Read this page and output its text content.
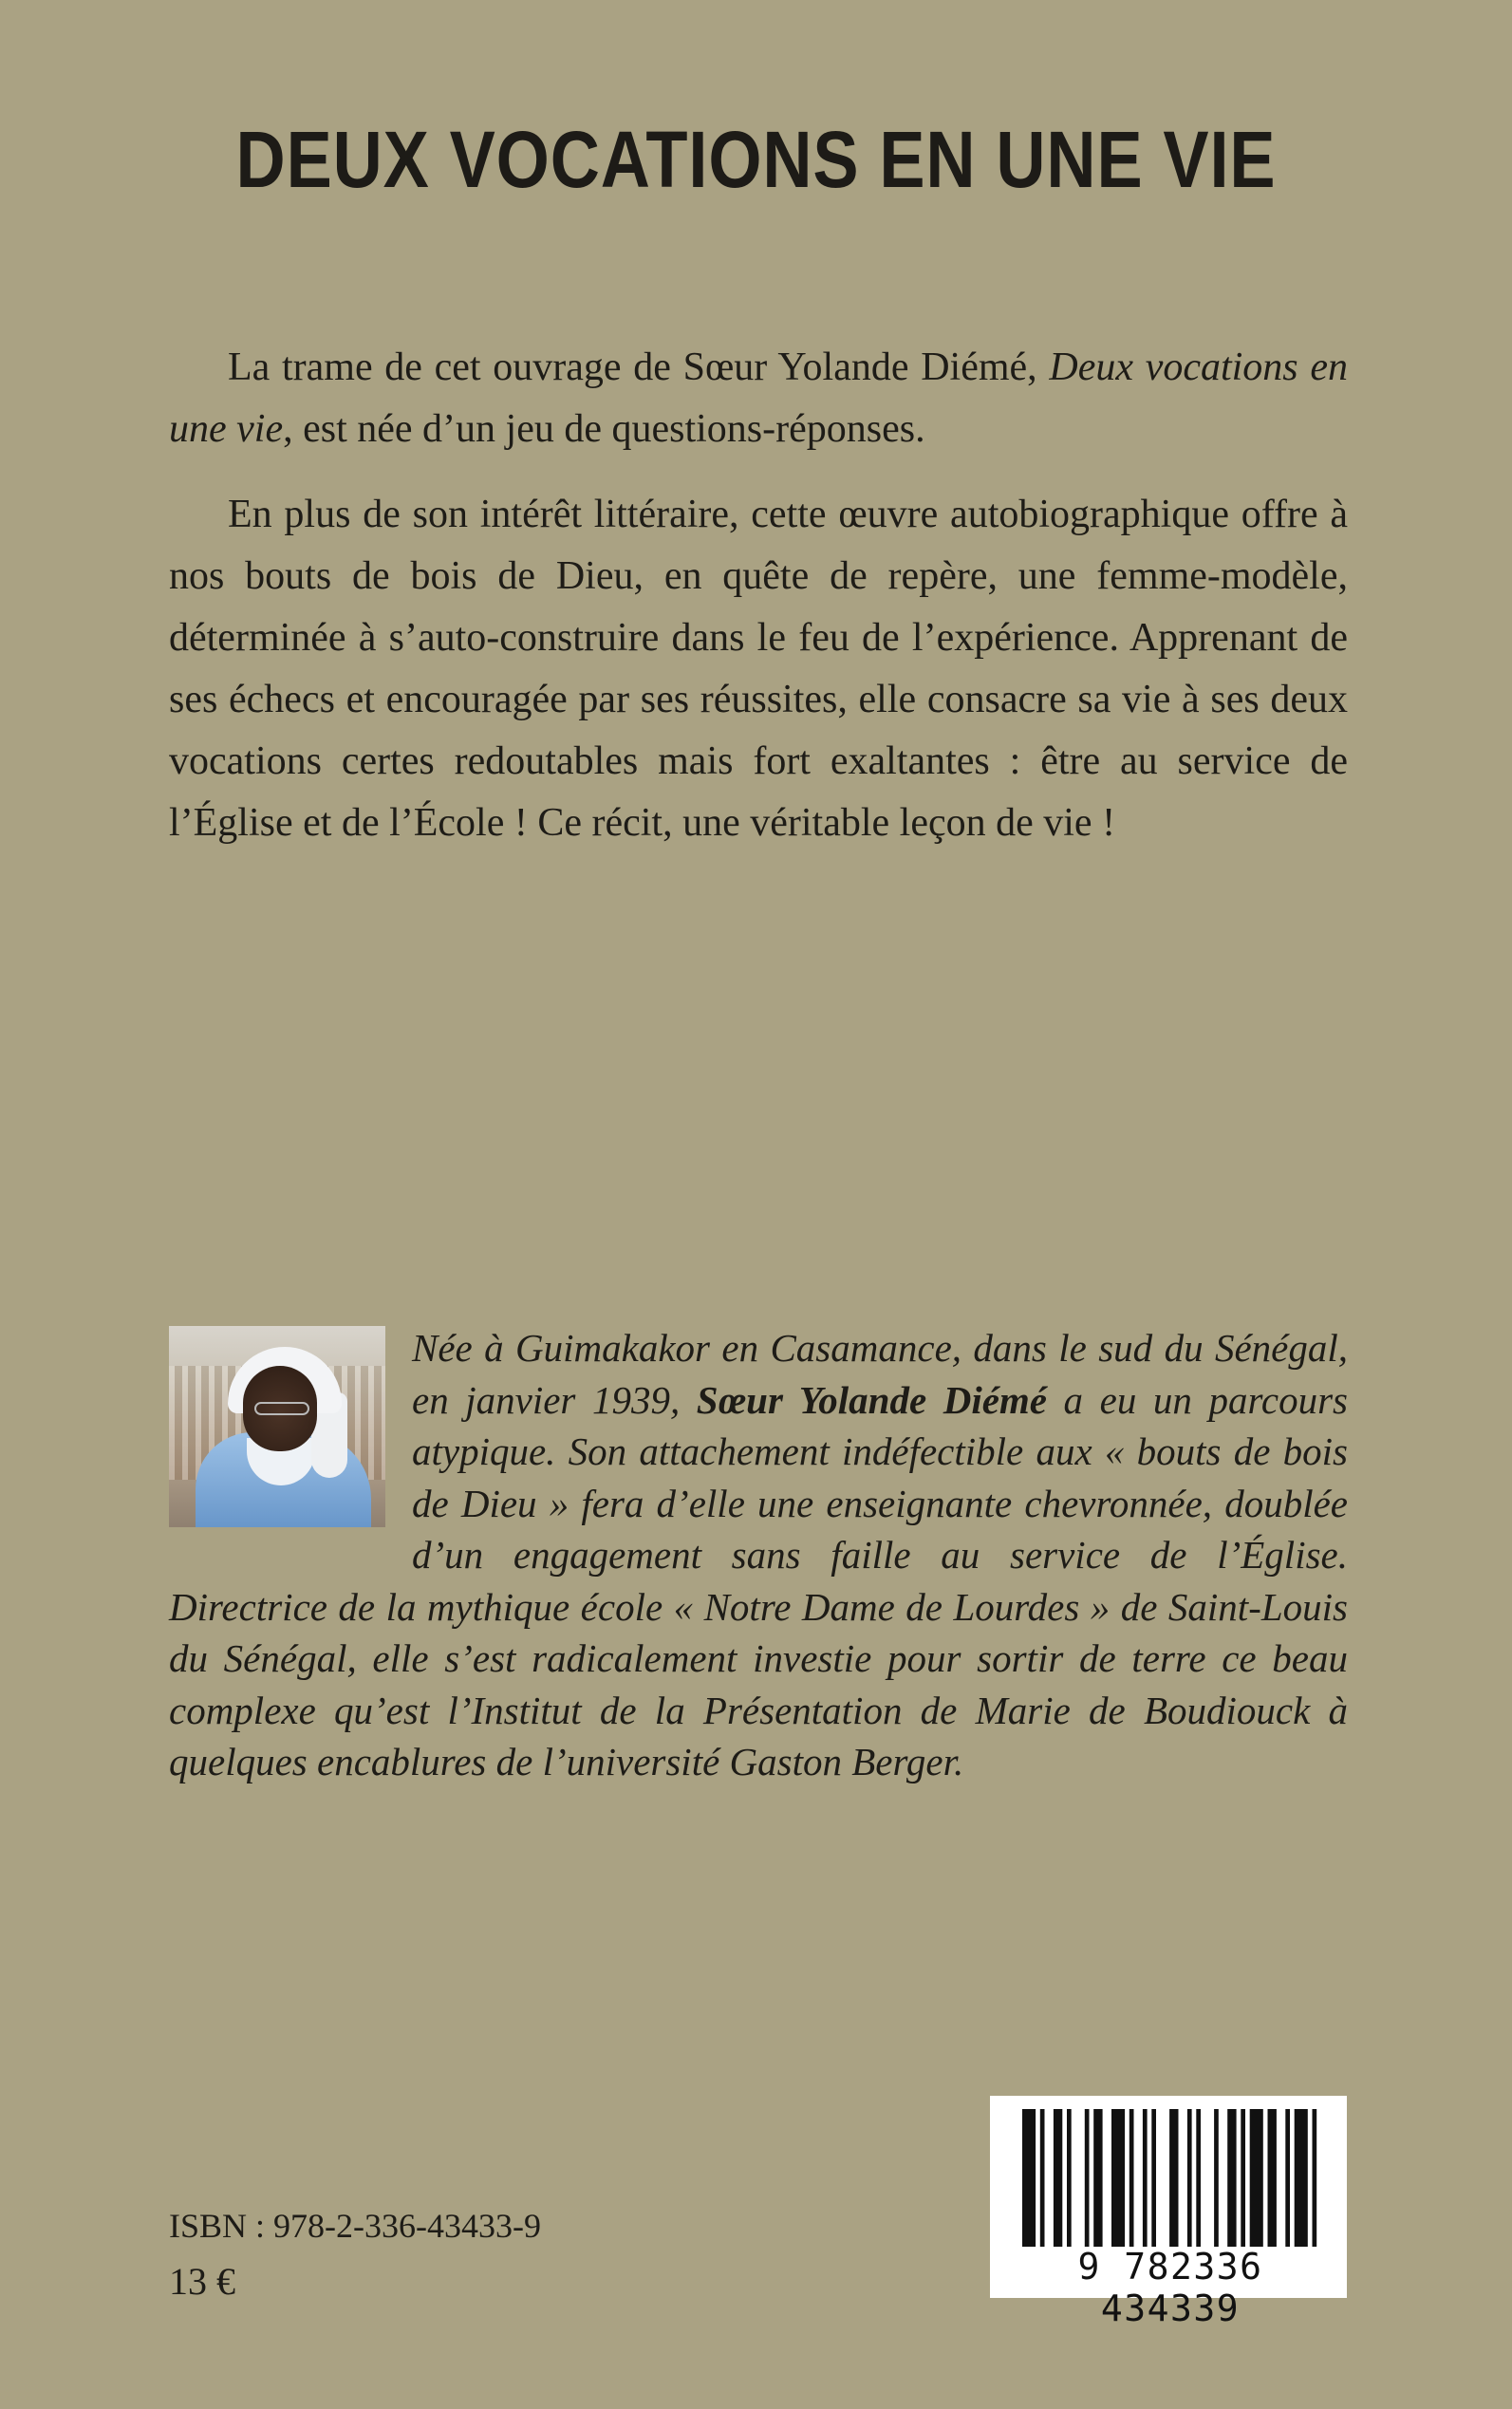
DEUX VOCATIONS EN UNE VIE

La trame de cet ouvrage de Sœur Yolande Diémé, Deux vocations en une vie, est née d’un jeu de questions-réponses.

En plus de son intérêt littéraire, cette œuvre autobiographique offre à nos bouts de bois de Dieu, en quête de repère, une femme-modèle, déterminée à s’auto-construire dans le feu de l’expérience. Apprenant de ses échecs et encouragée par ses réussites, elle consacre sa vie à ses deux vocations certes redoutables mais fort exaltantes : être au service de l’Église et de l’École ! Ce récit, une véritable leçon de vie !

Née à Guimakakor en Casamance, dans le sud du Sénégal, en janvier 1939, Sœur Yolande Diémé a eu un parcours atypique. Son attachement indéfectible aux « bouts de bois de Dieu » fera d’elle une enseignante chevronnée, doublée d’un engagement sans faille au service de l’Église. Directrice de la mythique école « Notre Dame de Lourdes » de Saint-Louis du Sénégal, elle s’est radicalement investie pour sortir de terre ce beau complexe qu’est l’Institut de la Présentation de Marie de Boudiouck à quelques encablures de l’université Gaston Berger.
ISBN : 978-2-336-43433-9
13 €	9 782336 434339
